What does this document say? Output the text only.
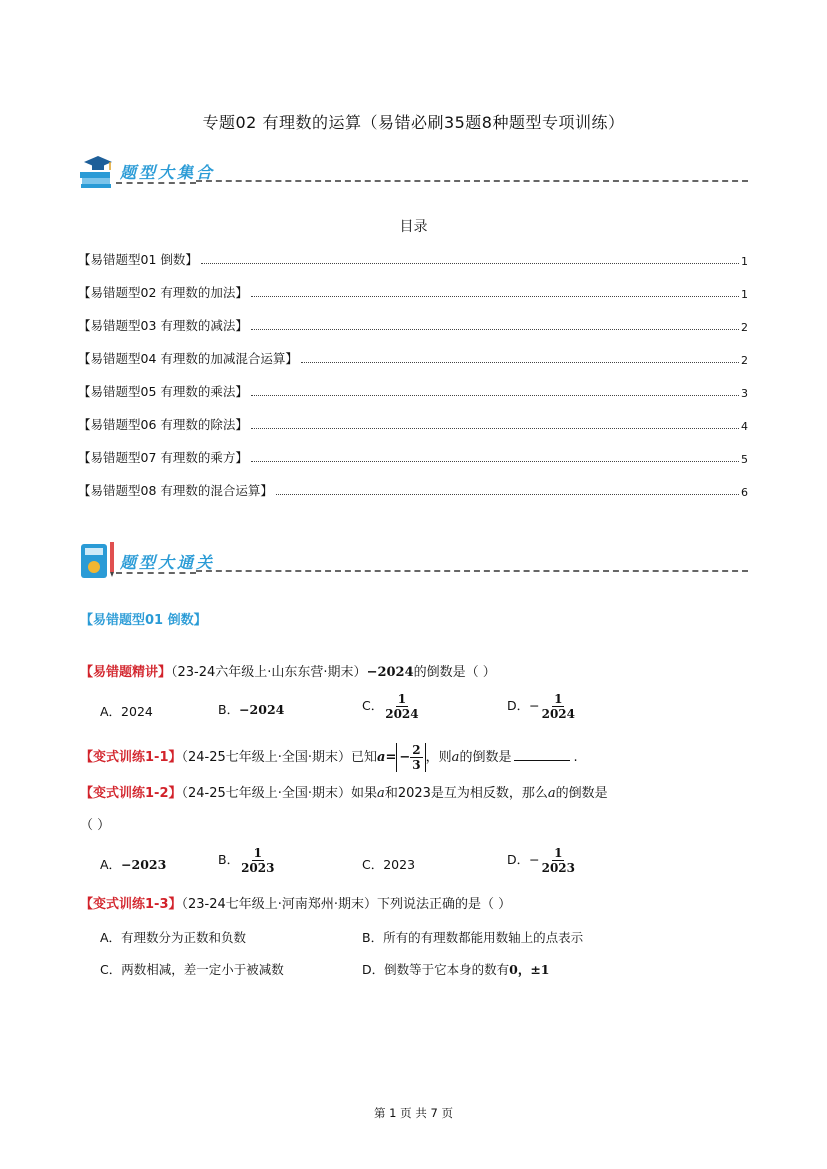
专题02 有理数的运算（易错必刷35题8种题型专项训练）
题型大集合
目录
【易错题型01 倒数】	1
【易错题型02 有理数的加法】	1
【易错题型03 有理数的减法】	2
【易错题型04 有理数的加减混合运算】	2
【易错题型05 有理数的乘法】	3
【易错题型06 有理数的除法】	4
【易错题型07 有理数的乘方】	5
【易错题型08 有理数的混合运算】	6
题型大通关
【易错题型01 倒数】
【易错题精讲】（23-24六年级上·山东东营·期末）−2024的倒数是（ ）
A．2024	B．−2024	C． $\frac{1}{2024}$	D．− $\frac{1}{2024}$
【变式训练1-1】（24-25七年级上·全国·期末）已知$a= - \frac{2}{3}$ ，则a的倒数是	.
【变式训练1-2】（24-25七年级上·全国·期末）如果a和2023是互为相反数，那么a的倒数是
（ ）
A．−2023	B． $\frac{1}{2023}$	C．2023	D．− $\frac{1}{2023}$
【变式训练1-3】（23-24七年级上·河南郑州·期末）下列说法正确的是（ ）
A．有理数分为正数和负数	B．所有的有理数都能用数轴上的点表示
C．两数相减，差一定小于被减数	D．倒数等于它本身的数有0，±1
第 1 页 共 7 页
